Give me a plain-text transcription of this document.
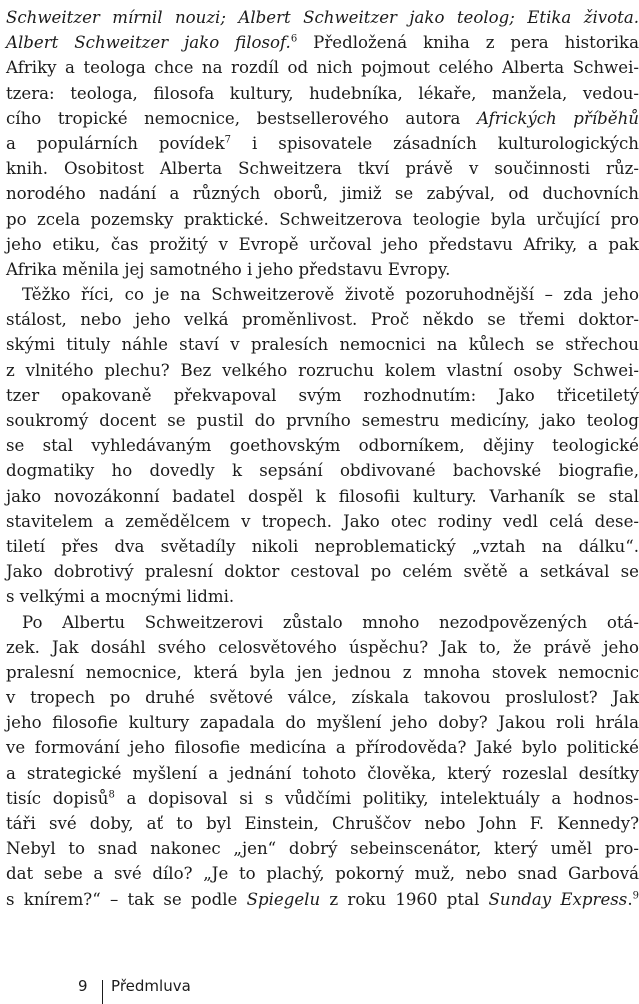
Schweitzer mírnil nouzi; Albert Schweitzer jako teolog; Etika života.
Albert Schweitzer jako filosof.$^6$ Předložená kniha z pera historika
Afriky a teologa chce na rozdíl od nich pojmout celého Alberta Schwei-
tzera: teologa, filosofa kultury, hudebníka, lékaře, manžela, vedou-
cího tropické nemocnice, bestsellerového autora Afrických příběhů
a populárních povídek$^7$ i spisovatele zásadních kulturologických
knih. Osobitost Alberta Schweitzera tkví právě v součinnosti růz-
norodého nadání a různých oborů, jimiž se zabýval, od duchovních
po zcela pozemsky praktické. Schweitzerova teologie byla určující pro
jeho etiku, čas prožitý v Evropě určoval jeho představu Afriky, a pak
Afrika měnila jej samotného i jeho představu Evropy.
Těžko říci, co je na Schweitzerově životě pozoruhodnější – zda jeho
stálost, nebo jeho velká proměnlivost. Proč někdo se třemi doktor-
skými tituly náhle staví v pralesích nemocnici na kůlech se střechou
z vlnitého plechu? Bez velkého rozruchu kolem vlastní osoby Schwei-
tzer opakovaně překvapoval svým rozhodnutím: Jako třicetiletý
soukromý docent se pustil do prvního semestru medicíny, jako teolog
se stal vyhledávaným goethovským odborníkem, dějiny teologické
dogmatiky ho dovedly k sepsání obdivované bachovské biografie,
jako novozákonní badatel dospěl k filosofii kultury. Varhaník se stal
stavitelem a zemědělcem v tropech. Jako otec rodiny vedl celá dese-
tiletí přes dva světadíly nikoli neproblematický „vztah na dálku“.
Jako dobrotivý pralesní doktor cestoval po celém světě a setkával se
s velkými a mocnými lidmi.
Po Albertu Schweitzerovi zůstalo mnoho nezodpovězených otá-
zek. Jak dosáhl svého celosvětového úspěchu? Jak to, že právě jeho
pralesní nemocnice, která byla jen jednou z mnoha stovek nemocnic
v tropech po druhé světové válce, získala takovou proslulost? Jak
jeho filosofie kultury zapadala do myšlení jeho doby? Jakou roli hrála
ve formování jeho filosofie medicína a přírodověda? Jaké bylo politické
a strategické myšlení a jednání tohoto člověka, který rozeslal desítky
tisíc dopisů$^8$ a dopisoval si s vůdčími politiky, intelektuály a hodnos-
táři své doby, ať to byl Einstein, Chruščov nebo John F. Kennedy?
Nebyl to snad nakonec „jen“ dobrý sebeinscenátor, který uměl pro-
dat sebe a své dílo? „Je to plachý, pokorný muž, nebo snad Garbová
s knírem?“ – tak se podle Spiegelu z roku 1960 ptal Sunday Express.$^9$
9 Předmluva
